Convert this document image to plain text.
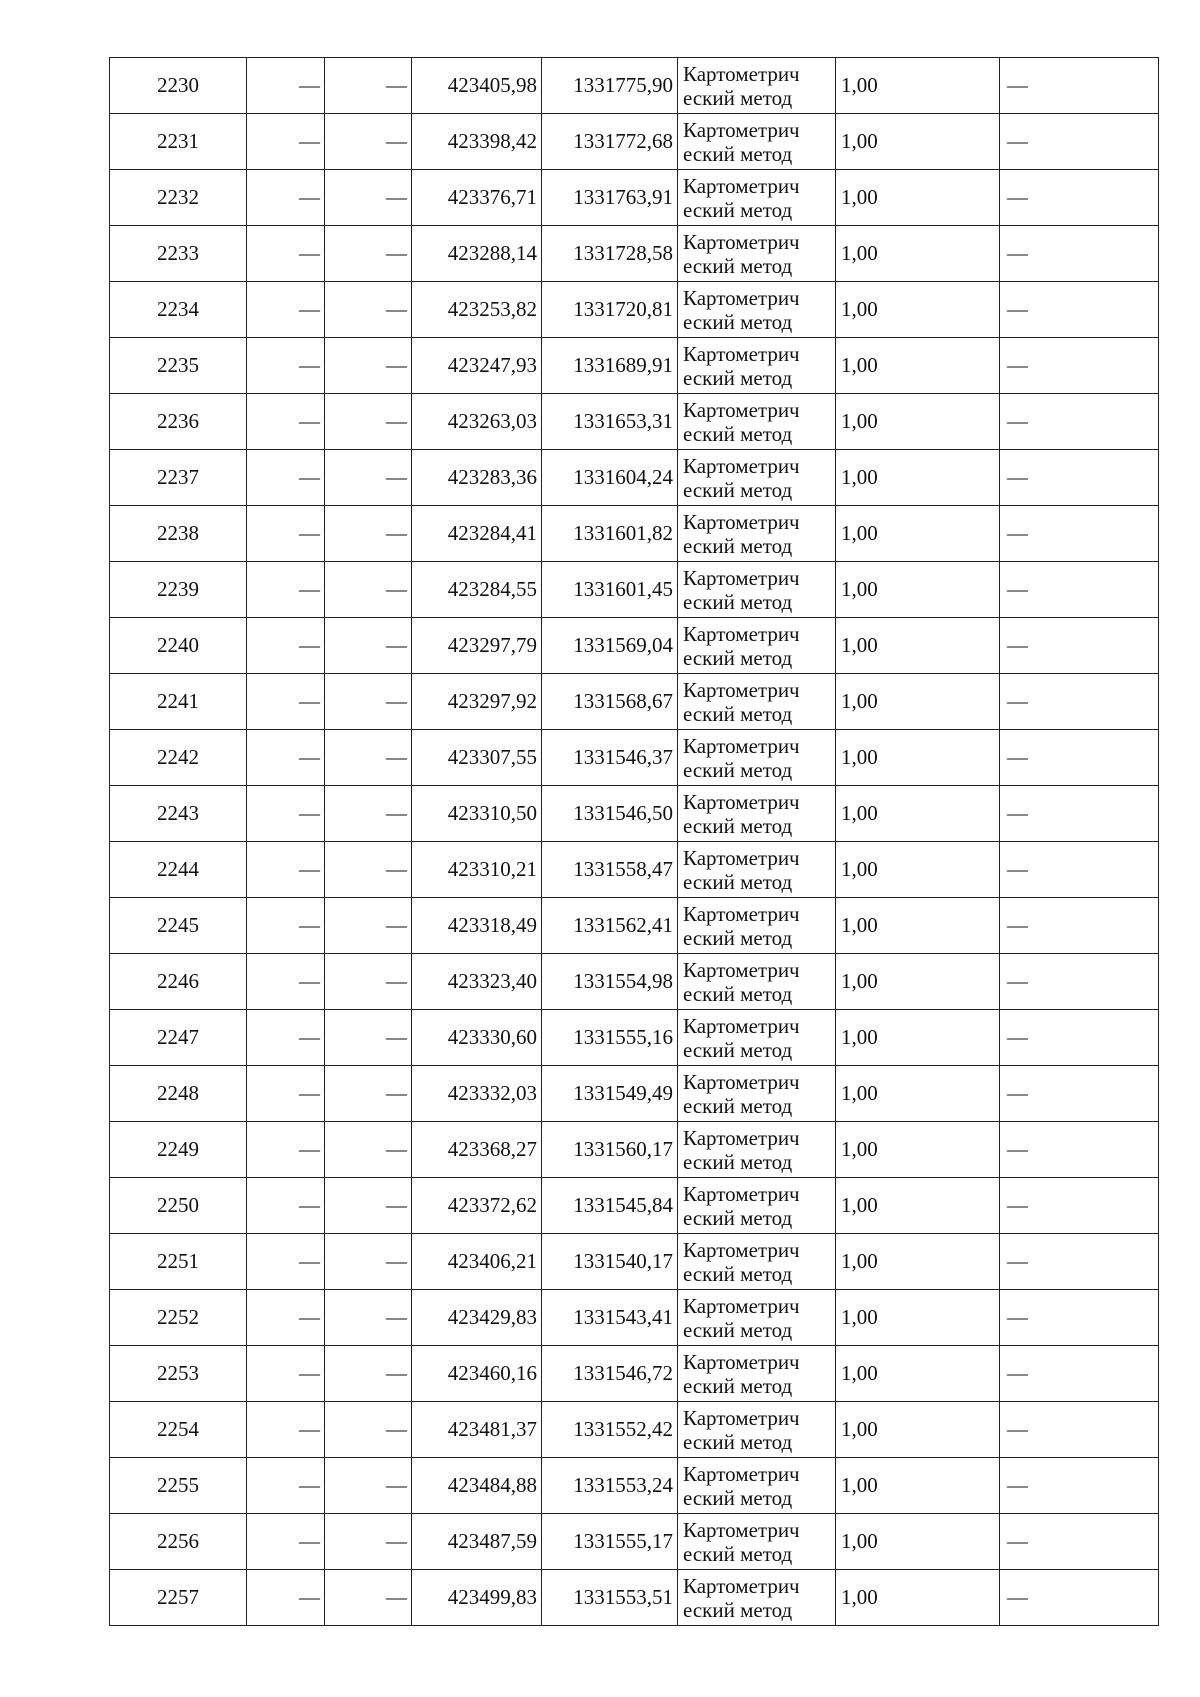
2230	—	—	423405,98	1331775,90	Картометрич
еский метод	1,00	—
2231	—	—	423398,42	1331772,68	Картометрич
еский метод	1,00	—
2232	—	—	423376,71	1331763,91	Картометрич
еский метод	1,00	—
2233	—	—	423288,14	1331728,58	Картометрич
еский метод	1,00	—
2234	—	—	423253,82	1331720,81	Картометрич
еский метод	1,00	—
2235	—	—	423247,93	1331689,91	Картометрич
еский метод	1,00	—
2236	—	—	423263,03	1331653,31	Картометрич
еский метод	1,00	—
2237	—	—	423283,36	1331604,24	Картометрич
еский метод	1,00	—
2238	—	—	423284,41	1331601,82	Картометрич
еский метод	1,00	—
2239	—	—	423284,55	1331601,45	Картометрич
еский метод	1,00	—
2240	—	—	423297,79	1331569,04	Картометрич
еский метод	1,00	—
2241	—	—	423297,92	1331568,67	Картометрич
еский метод	1,00	—
2242	—	—	423307,55	1331546,37	Картометрич
еский метод	1,00	—
2243	—	—	423310,50	1331546,50	Картометрич
еский метод	1,00	—
2244	—	—	423310,21	1331558,47	Картометрич
еский метод	1,00	—
2245	—	—	423318,49	1331562,41	Картометрич
еский метод	1,00	—
2246	—	—	423323,40	1331554,98	Картометрич
еский метод	1,00	—
2247	—	—	423330,60	1331555,16	Картометрич
еский метод	1,00	—
2248	—	—	423332,03	1331549,49	Картометрич
еский метод	1,00	—
2249	—	—	423368,27	1331560,17	Картометрич
еский метод	1,00	—
2250	—	—	423372,62	1331545,84	Картометрич
еский метод	1,00	—
2251	—	—	423406,21	1331540,17	Картометрич
еский метод	1,00	—
2252	—	—	423429,83	1331543,41	Картометрич
еский метод	1,00	—
2253	—	—	423460,16	1331546,72	Картометрич
еский метод	1,00	—
2254	—	—	423481,37	1331552,42	Картометрич
еский метод	1,00	—
2255	—	—	423484,88	1331553,24	Картометрич
еский метод	1,00	—
2256	—	—	423487,59	1331555,17	Картометрич
еский метод	1,00	—
2257	—	—	423499,83	1331553,51	Картометрич
еский метод	1,00	—
